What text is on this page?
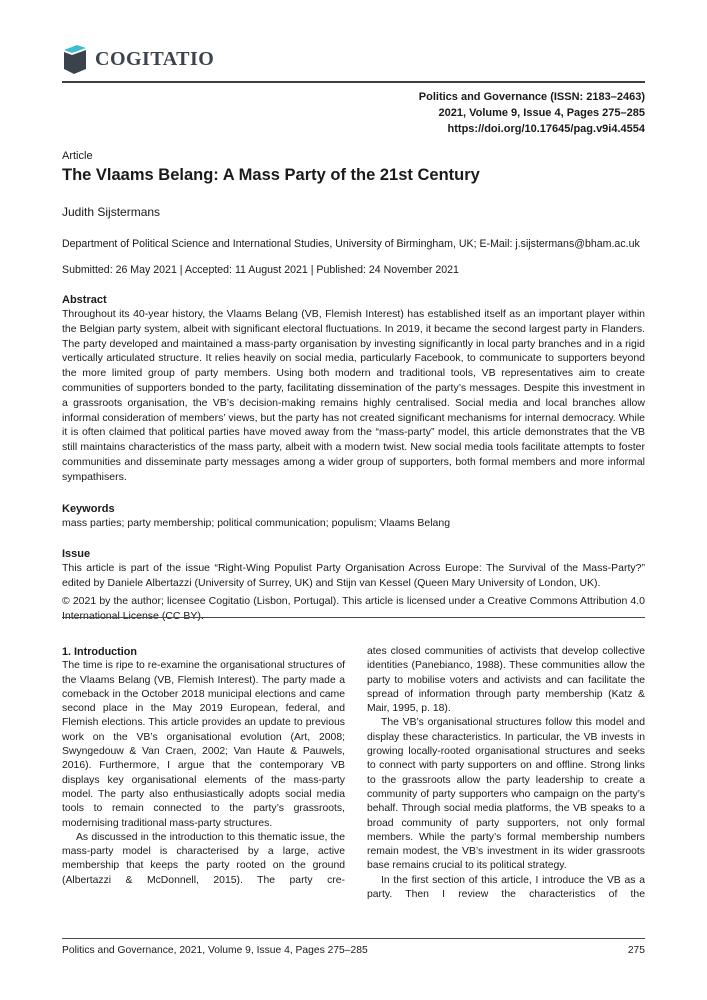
COGITATIO
Politics and Governance (ISSN: 2183–2463)
2021, Volume 9, Issue 4, Pages 275–285
https://doi.org/10.17645/pag.v9i4.4554
Article
The Vlaams Belang: A Mass Party of the 21st Century
Judith Sijstermans
Department of Political Science and International Studies, University of Birmingham, UK; E-Mail: j.sijstermans@bham.ac.uk
Submitted: 26 May 2021 | Accepted: 11 August 2021 | Published: 24 November 2021
Abstract

Throughout its 40-year history, the Vlaams Belang (VB, Flemish Interest) has established itself as an important player within the Belgian party system, albeit with significant electoral fluctuations. In 2019, it became the second largest party in Flanders. The party developed and maintained a mass-party organisation by investing significantly in local party branches and in a rigid vertically articulated structure. It relies heavily on social media, particularly Facebook, to communicate to supporters beyond the more limited group of party members. Using both modern and traditional tools, VB representatives aim to create communities of supporters bonded to the party, facilitating dissemination of the party’s messages. Despite this investment in a grassroots organisation, the VB’s decision-making remains highly centralised. Social media and local branches allow informal consideration of members’ views, but the party has not created significant mechanisms for internal democracy. While it is often claimed that political parties have moved away from the “mass-party” model, this article demonstrates that the VB still maintains characteristics of the mass party, albeit with a modern twist. New social media tools facilitate attempts to foster communities and disseminate party messages among a wider group of supporters, both formal members and more informal sympathisers.

Keywords

mass parties; party membership; political communication; populism; Vlaams Belang

Issue

This article is part of the issue “Right-Wing Populist Party Organisation Across Europe: The Survival of the Mass-Party?” edited by Daniele Albertazzi (University of Surrey, UK) and Stijn van Kessel (Queen Mary University of London, UK).

© 2021 by the author; licensee Cogitatio (Lisbon, Portugal). This article is licensed under a Creative Commons Attribution 4.0 International License (CC BY).

1. Introduction

The time is ripe to re-examine the organisational structures of the Vlaams Belang (VB, Flemish Interest). The party made a comeback in the October 2018 municipal elections and came second place in the May 2019 European, federal, and Flemish elections. This article provides an update to previous work on the VB’s organisational evolution (Art, 2008; Swyngedouw & Van Craen, 2002; Van Haute & Pauwels, 2016). Furthermore, I argue that the contemporary VB displays key organisational elements of the mass-party model. The party also enthusiastically adopts social media tools to remain connected to the party’s grassroots, modernising traditional mass-party structures.

As discussed in the introduction to this thematic issue, the mass-party model is characterised by a large, active membership that keeps the party rooted on the ground (Albertazzi & McDonnell, 2015). The party cre-

ates closed communities of activists that develop collective identities (Panebianco, 1988). These communities allow the party to mobilise voters and activists and can facilitate the spread of information through party membership (Katz & Mair, 1995, p. 18).

The VB’s organisational structures follow this model and display these characteristics. In particular, the VB invests in growing locally-rooted organisational structures and seeks to connect with party supporters on and offline. Strong links to the grassroots allow the party leadership to create a community of party supporters who campaign on the party’s behalf. Through social media platforms, the VB speaks to a broad community of party supporters, not only formal members. While the party’s formal membership numbers remain modest, the VB’s investment in its wider grassroots base remains crucial to its political strategy.

In the first section of this article, I introduce the VB as a party. Then I review the characteristics of the

Politics and Governance, 2021, Volume 9, Issue 4, Pages 275–285	275
